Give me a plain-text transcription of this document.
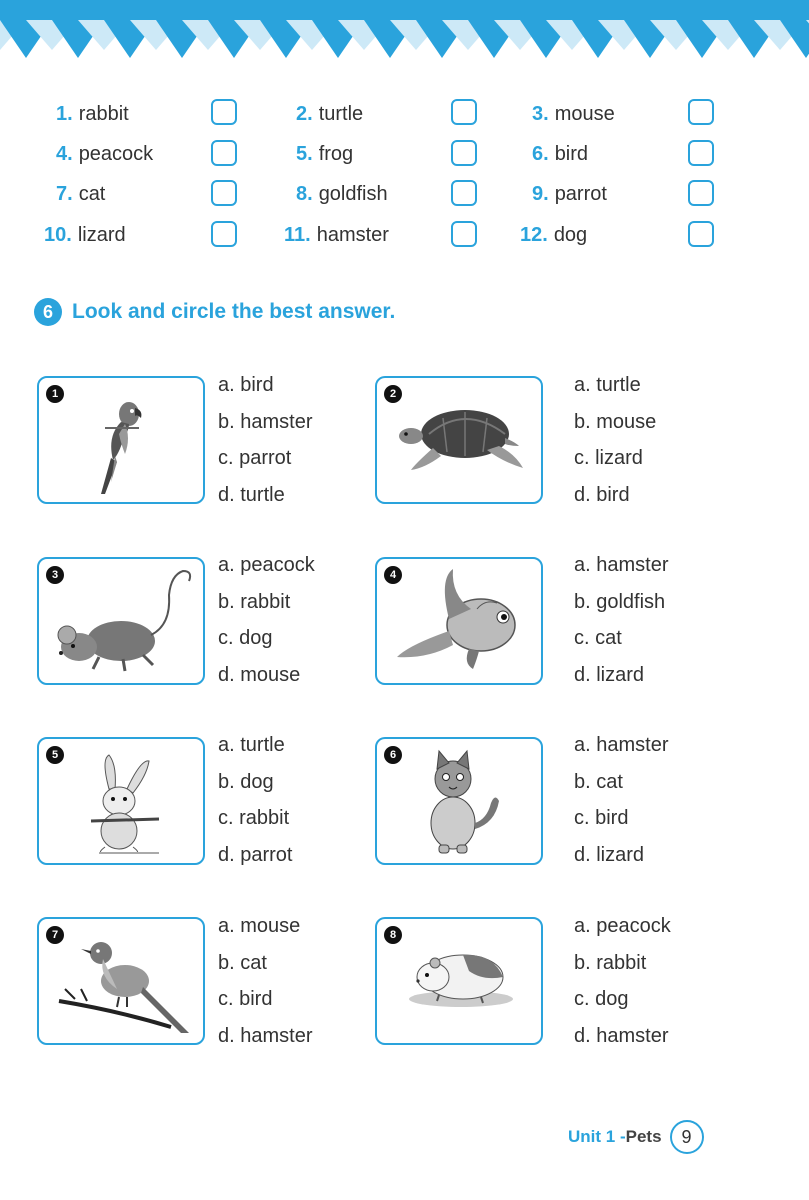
1. rabbit	2. turtle	3. mouse
4. peacock	5. frog	6. bird
7. cat	8. goldfish	9. parrot
10. lizard	11. hamster	12. dog
6 Look and circle the best answer.
1	a. bird
b. hamster
c. parrot
d. turtle
2	a. turtle
b. mouse
c. lizard
d. bird
3	a. peacock
b. rabbit
c. dog
d. mouse
4	a. hamster
b. goldfish
c. cat
d. lizard
5	a. turtle
b. dog
c. rabbit
d. parrot
6	a. hamster
b. cat
c. bird
d. lizard
7	a. mouse
b. cat
c. bird
d. hamster
8	a. peacock
b. rabbit
c. dog
d. hamster
Unit 1 - Pets	9
